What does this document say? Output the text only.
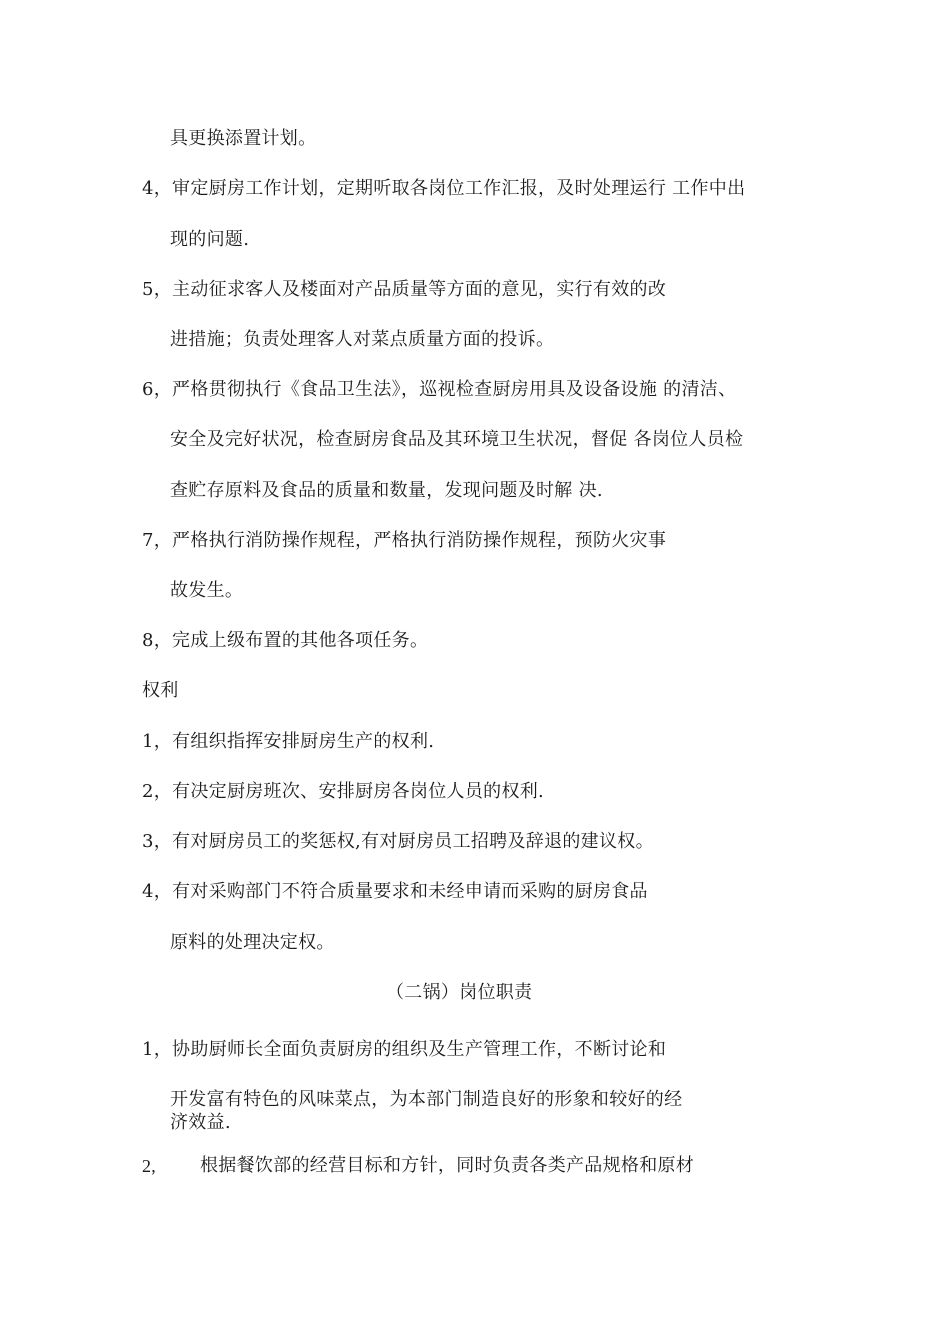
具更换添置计划。
4，审定厨房工作计划，定期听取各岗位工作汇报，及时处理运行 工作中出
现的问题.
5，主动征求客人及楼面对产品质量等方面的意见，实行有效的改
进措施；负责处理客人对菜点质量方面的投诉。
6，严格贯彻执行《食品卫生法》，巡视检查厨房用具及设备设施 的清洁、
安全及完好状况，检查厨房食品及其环境卫生状况，督促 各岗位人员检
查贮存原料及食品的质量和数量，发现问题及时解 决.
7，严格执行消防操作规程，严格执行消防操作规程，预防火灾事
故发生。
8，完成上级布置的其他各项任务。
权利
1，有组织指挥安排厨房生产的权利.
2，有决定厨房班次、安排厨房各岗位人员的权利.
3，有对厨房员工的奖惩权,有对厨房员工招聘及辞退的建议权。
4，有对采购部门不符合质量要求和未经申请而采购的厨房食品
原料的处理决定权。
（二锅）岗位职责
1，协助厨师长全面负责厨房的组织及生产管理工作，不断讨论和
开发富有特色的风味菜点，为本部门制造良好的形象和较好的经
济效益.
2, 根据餐饮部的经营目标和方针，同时负责各类产品规格和原材
